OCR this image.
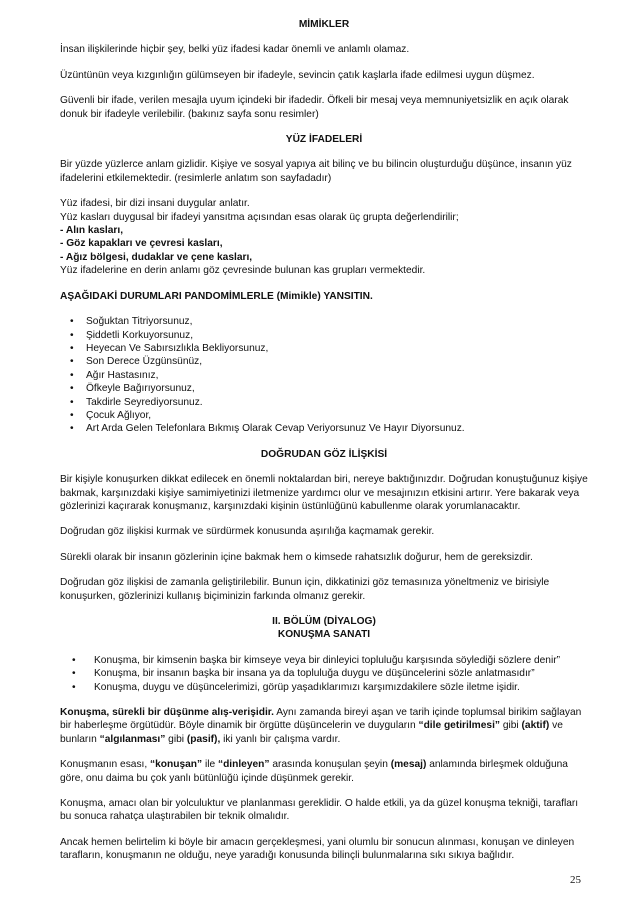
MİMİKLER

İnsan ilişkilerinde hiçbir şey, belki yüz ifadesi kadar önemli ve anlamlı olamaz.

Üzüntünün veya kızgınlığın gülümseyen bir ifadeyle, sevincin çatık kaşlarla ifade edilmesi uygun düşmez.

Güvenli bir ifade, verilen mesajla uyum içindeki bir ifadedir. Öfkeli bir mesaj veya memnuniyetsizlik en açık olarak donuk bir ifadeyle verilebilir. (bakınız sayfa sonu resimler)

YÜZ İFADELERİ

Bir yüzde yüzlerce anlam gizlidir. Kişiye ve sosyal yapıya ait bilinç ve bu bilincin oluşturduğu düşünce, insanın yüz ifadelerini etkilemektedir. (resimlerle anlatım son sayfadadır)

Yüz ifadesi, bir dizi insani duygular anlatır.

Yüz kasları duygusal bir ifadeyi yansıtma açısından esas olarak üç grupta değerlendirilir;

- Alın kasları,

- Göz kapakları ve çevresi kasları,

- Ağız bölgesi, dudaklar ve çene kasları,

Yüz ifadelerine en derin anlamı göz çevresinde bulunan kas grupları vermektedir.

AŞAĞIDAKİ DURUMLARI PANDOMİMLERLE (Mimikle) YANSITIN.
• Soğuktan Titriyorsunuz,
• Şiddetli Korkuyorsunuz,
• Heyecan Ve Sabırsızlıkla Bekliyorsunuz,
• Son Derece Üzgünsünüz,
• Ağır Hastasınız,
• Öfkeyle Bağırıyorsunuz,
• Takdirle Seyrediyorsunuz.
• Çocuk Ağlıyor,
• Art Arda Gelen Telefonlara Bıkmış Olarak Cevap Veriyorsunuz Ve Hayır Diyorsunuz.
DOĞRUDAN GÖZ İLİŞKİSİ

Bir kişiyle konuşurken dikkat edilecek en önemli noktalardan biri, nereye baktığınızdır. Doğrudan konuştuğunuz kişiye bakmak, karşınızdaki kişiye samimiyetinizi iletmenize yardımcı olur ve mesajınızın etkisini artırır. Yere bakarak veya gözlerinizi kaçırarak konuşmanız, karşınızdaki kişinin üstünlüğünü kabullenme olarak yorumlanacaktır.

Doğrudan göz ilişkisi kurmak ve sürdürmek konusunda aşırılığa kaçmamak gerekir.

Sürekli olarak bir insanın gözlerinin içine bakmak hem o kimsede rahatsızlık doğurur, hem de gereksizdir.

Doğrudan göz ilişkisi de zamanla geliştirilebilir. Bunun için, dikkatinizi göz temasınıza yöneltmeniz ve birisiyle konuşurken, gözlerinizi kullanış biçiminizin farkında olmanız gerekir.

II. BÖLÜM (DİYALOG)
KONUŞMA SANATI
• Konuşma, bir kimsenin başka bir kimseye veya bir dinleyici topluluğu karşısında söylediği sözlere denir”
• Konuşma, bir insanın başka bir insana ya da topluluğa duygu ve düşüncelerini sözle anlatmasıdır”
• Konuşma, duygu ve düşüncelerimizi, görüp yaşadıklarımızı karşımızdakilere sözle iletme işidir.

Konuşma, sürekli bir düşünme alış-verişidir. Aynı zamanda bireyi aşan ve tarih içinde toplumsal birikim sağlayan bir haberleşme örgütüdür. Böyle dinamik bir örgütte düşüncelerin ve duyguların “dile getirilmesi” gibi (aktif) ve bunların “algılanması” gibi (pasif), iki yanlı bir çalışma vardır.

Konuşmanın esası, “konuşan” ile “dinleyen” arasında konuşulan şeyin (mesaj) anlamında birleşmek olduğuna göre, onu daima bu çok yanlı bütünlüğü içinde düşünmek gerekir.

Konuşma, amacı olan bir yolculuktur ve planlanması gereklidir. O halde etkili, ya da güzel konuşma tekniği, tarafları bu sonuca rahatça ulaştırabilen bir teknik olmalıdır.

Ancak hemen belirtelim ki böyle bir amacın gerçekleşmesi, yani olumlu bir sonucun alınması, konuşan ve dinleyen tarafların, konuşmanın ne olduğu, neye yaradığı konusunda bilinçli bulunmalarına sıkı sıkıya bağlıdır.

25
